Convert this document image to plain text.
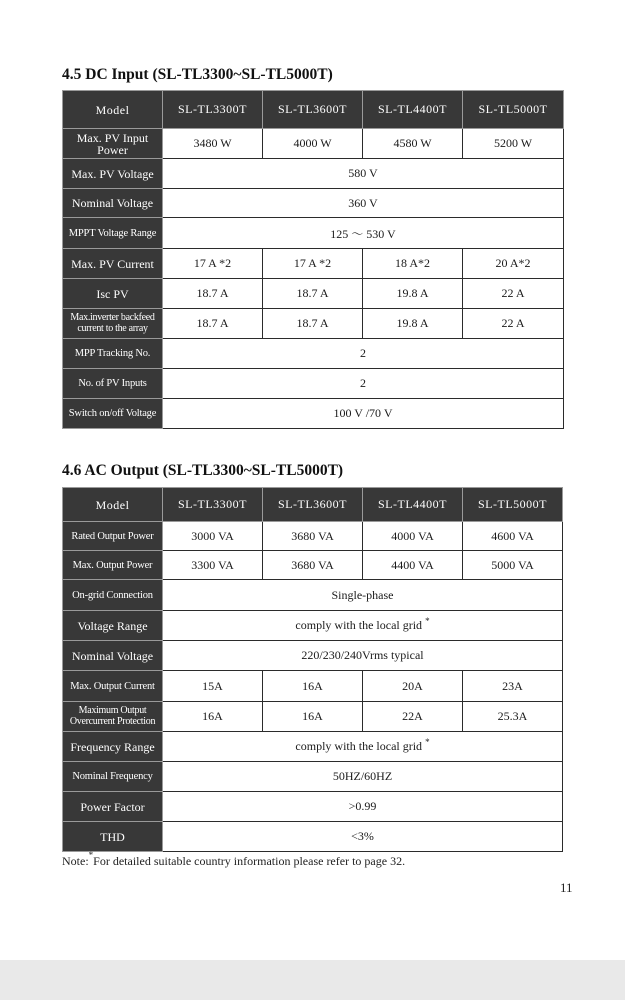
4.5 DC Input (SL-TL3300~SL-TL5000T)
Model	SL-TL3300T	SL-TL3600T	SL-TL4400T	SL-TL5000T
Max. PV Input Power	3480 W	4000 W	4580 W	5200 W
Max. PV Voltage	580 V			
Nominal Voltage	360 V			
MPPT Voltage Range	125 ～ 530 V			
Max. PV Current	17 A *2	17 A *2	18 A*2	20 A*2
Isc PV	18.7 A	18.7 A	19.8 A	22 A
Max.inverter backfeed current to the array	18.7 A	18.7 A	19.8 A	22 A
MPP Tracking No.	2			
No. of PV Inputs	2			
Switch on/off Voltage	100 V /70 V			
4.6 AC Output (SL-TL3300~SL-TL5000T)
Model	SL-TL3300T	SL-TL3600T	SL-TL4400T	SL-TL5000T
Rated Output Power	3000 VA	3680 VA	4000 VA	4600 VA
Max. Output Power	3300 VA	3680 VA	4400 VA	5000 VA
On-grid Connection	Single-phase			
Voltage Range	comply with the local grid *
Nominal Voltage	220/230/240Vrms typical			
Max. Output Current	15A	16A	20A	23A
Maximum Output Overcurrent Protection	16A	16A	22A	25.3A
Frequency Range	comply with the local grid *
Nominal Frequency	50HZ/60HZ			
Power Factor	>0.99			
THD	<3%			
Note:*For detailed suitable country information please refer to page 32.
11
